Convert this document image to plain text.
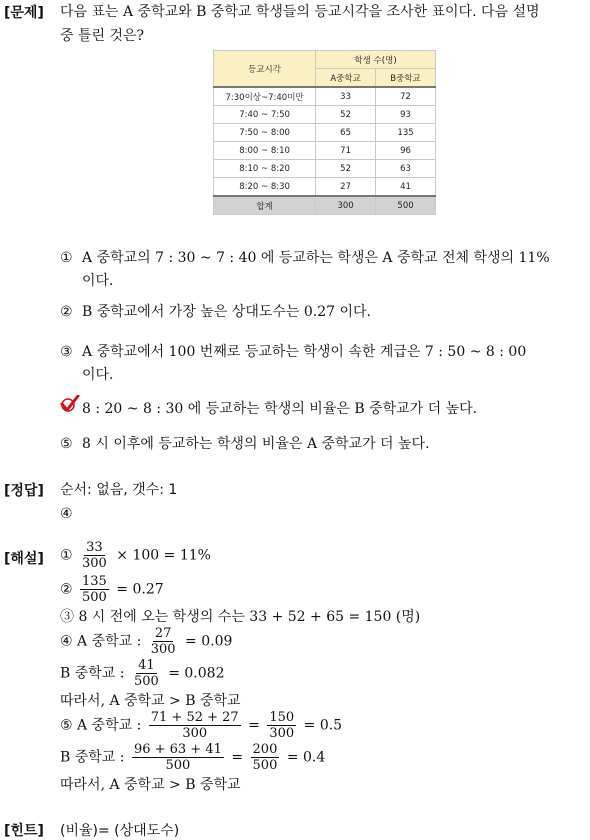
[문제] 다음 표는 A 중학교와 B 중학교 학생들의 등교시각을 조사한 표이다. 다음 설명
중 틀린 것은?
등교시각	학생 수(명)	
	A중학교	B중학교
7:30이상~7:40미만	33	72
7:40 ~ 7:50	52	93
7:50 ~ 8:00	65	135
8:00 ~ 8:10	71	96
8:10 ~ 8:20	52	63
8:20 ~ 8:30	27	41
합계	300	500
① A 중학교의 7 : 30 ~ 7 : 40 에 등교하는 학생은 A 중학교 전체 학생의 11%
이다.
② B 중학교에서 가장 높은 상대도수는 0.27 이다.
③ A 중학교에서 100 번째로 등교하는 학생이 속한 계급은 7 : 50 ~ 8 : 00
이다.
8 : 20 ~ 8 : 30 에 등교하는 학생의 비율은 B 중학교가 더 높다.
⑤ 8 시 이후에 등교하는 학생의 비율은 A 중학교가 더 높다.
[정답] 순서: 없음, 갯수: 1
④
[해설] ① $\frac{33}{300} \times 100 = 11\%$
② $\frac{135}{500} = 0.27$
③ 8 시 전에 오는 학생의 수는 33 + 52 + 65 = 150 (명)
④ A 중학교 : $\frac{27}{300} = 0.09$
B 중학교 : $\frac{41}{500} = 0.082$
따라서, A 중학교 > B 중학교
⑤ A 중학교 : $\frac{71 + 52 + 27}{300} = \frac{150}{300} = 0.5$
B 중학교 : $\frac{96 + 63 + 41}{500} = \frac{200}{500} = 0.4$
따라서, A 중학교 > B 중학교
[힌트] (비율)= (상대도수)
